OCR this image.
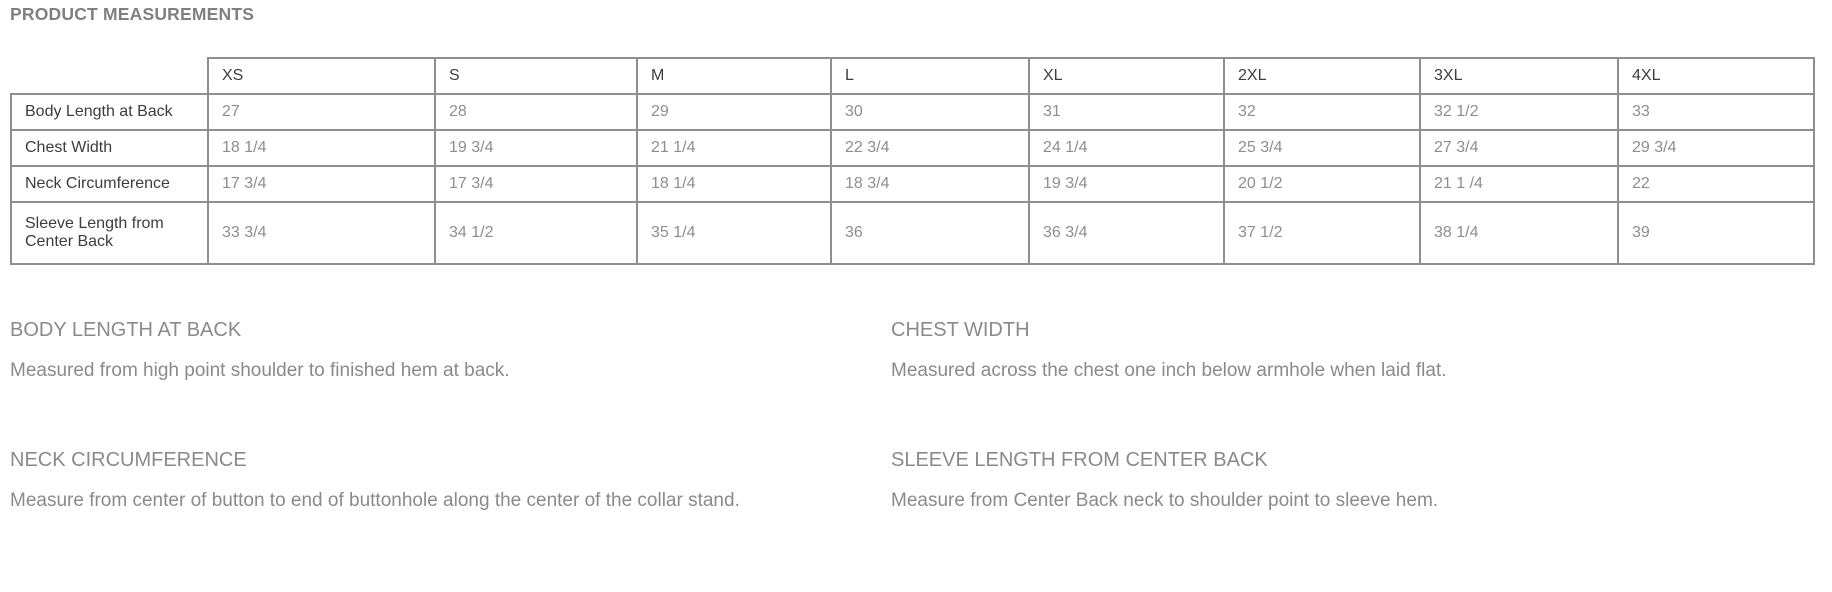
PRODUCT MEASUREMENTS
	XS	S	M	L	XL	2XL	3XL	4XL
Body Length at Back	27	28	29	30	31	32	32 1/2	33
Chest Width	18 1/4	19 3/4	21 1/4	22 3/4	24 1/4	25 3/4	27 3/4	29 3/4
Neck Circumference	17 3/4	17 3/4	18 1/4	18 3/4	19 3/4	20 1/2	21 1 /4	22
Sleeve Length from Center Back	33 3/4	34 1/2	35 1/4	36	36 3/4	37 1/2	38 1/4	39
BODY LENGTH AT BACK

Measured from high point shoulder to finished hem at back.

CHEST WIDTH

Measured across the chest one inch below armhole when laid flat.

NECK CIRCUMFERENCE

Measure from center of button to end of buttonhole along the center of the collar stand.

SLEEVE LENGTH FROM CENTER BACK

Measure from Center Back neck to shoulder point to sleeve hem.
